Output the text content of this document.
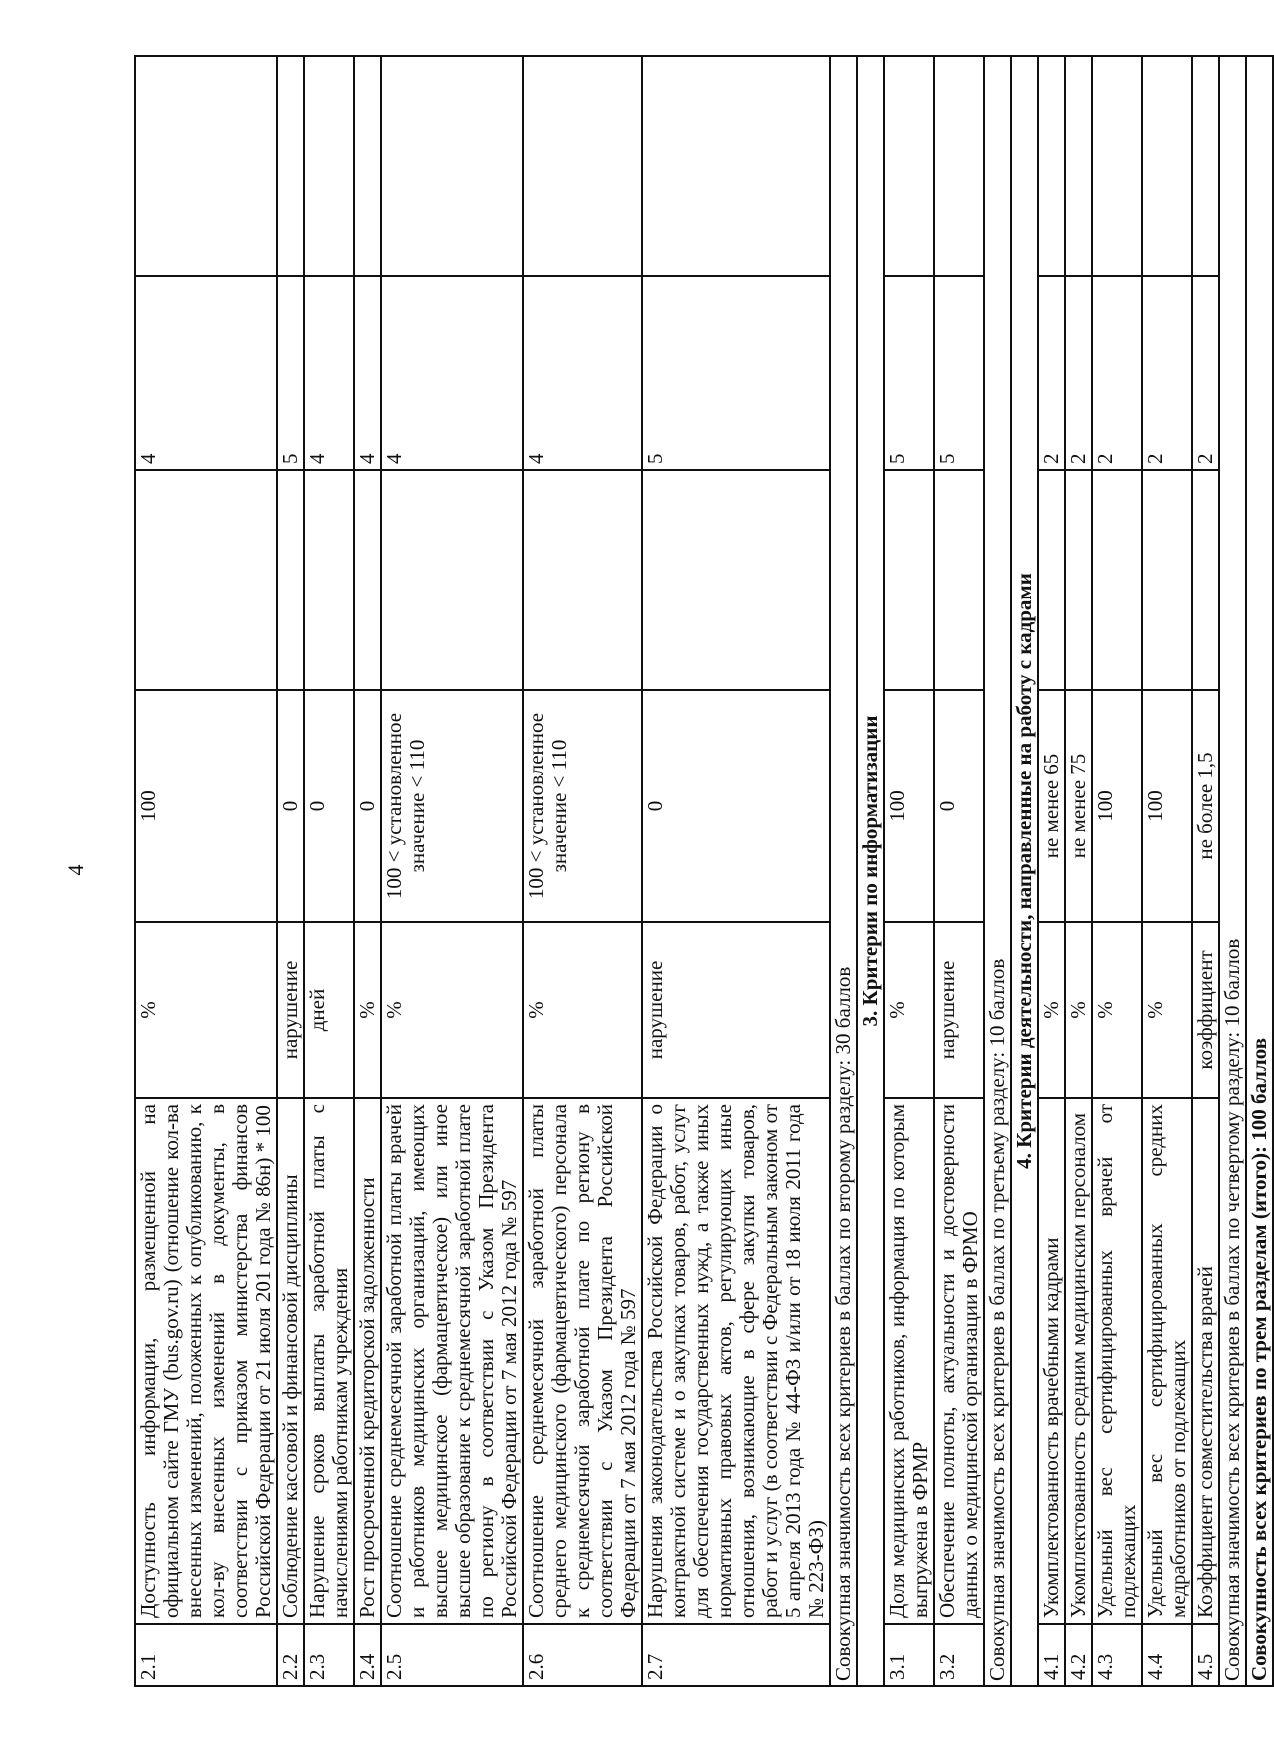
4
2.1	Доступность информации, размещенной на официальном сайте ГМУ (bus.gov.ru) (отношение кол-ва внесенных изменений, положенных к опубликованию, к кол-ву внесенных изменений в документы, в соответствии с приказом министерства финансов Российской Федерации от 21 июля 201 года № 86н) * 100	%	100		4	
2.2	Соблюдение кассовой и финансовой дисциплины	нарушение	0		5	
2.3	Нарушение сроков выплаты заработной платы с начислениями работникам учреждения	дней	0		4	
2.4	Рост просроченной кредиторской задолженности	%	0		4	
2.5	Соотношение среднемесячной заработной платы врачей и работников медицинских организаций, имеющих высшее медицинское (фармацевтическое) или иное высшее образование к среднемесячной заработной плате по региону в соответствии с Указом Президента Российской Федерации от 7 мая 2012 года № 597	%	100 < установленное значение < 110		4	
2.6	Соотношение среднемесячной заработной платы среднего медицинского (фармацевтического) персонала к среднемесячной заработной плате по региону в соответствии с Указом Президента Российской Федерации от 7 мая 2012 года № 597	%	100 < установленное значение < 110		4	
2.7	Нарушения законодательства Российской Федерации о контрактной системе и о закупках товаров, работ, услуг для обеспечения государственных нужд, а также иных нормативных правовых актов, регулирующих иные отношения, возникающие в сфере закупки товаров, работ и услуг (в соответствии с Федеральным законом от 5 апреля 2013 года № 44-ФЗ и/или от 18 июля 2011 года № 223-ФЗ)	нарушение	0		5	
Совокупная значимость всех критериев в баллах по второму разделу: 30 баллов						
3. Критерии по информатизации						
3.1	Доля медицинских работников, информация по которым выгружена в ФРМР	%	100		5	
3.2	Обеспечение полноты, актуальности и достоверности данных о медицинской организации в ФРМО	нарушение	0		5	
Совокупная значимость всех критериев в баллах по третьему разделу: 10 баллов						
4. Критерии деятельности, направленные на работу с кадрами						
4.1	Укомплектованность врачебными кадрами	%	не менее 65		2	
4.2	Укомплектованность средним медицинским персоналом	%	не менее 75		2	
4.3	Удельный вес сертифицированных врачей от подлежащих	%	100		2	
4.4	Удельный вес сертифицированных средних медработников от подлежащих	%	100		2	
4.5	Коэффициент совместительства врачей	коэффициент	не более 1,5		2	
Совокупная значимость всех критериев в баллах по четвертому разделу: 10 баллов						
Совокупность всех критериев по трем разделам (итого): 100 баллов						
